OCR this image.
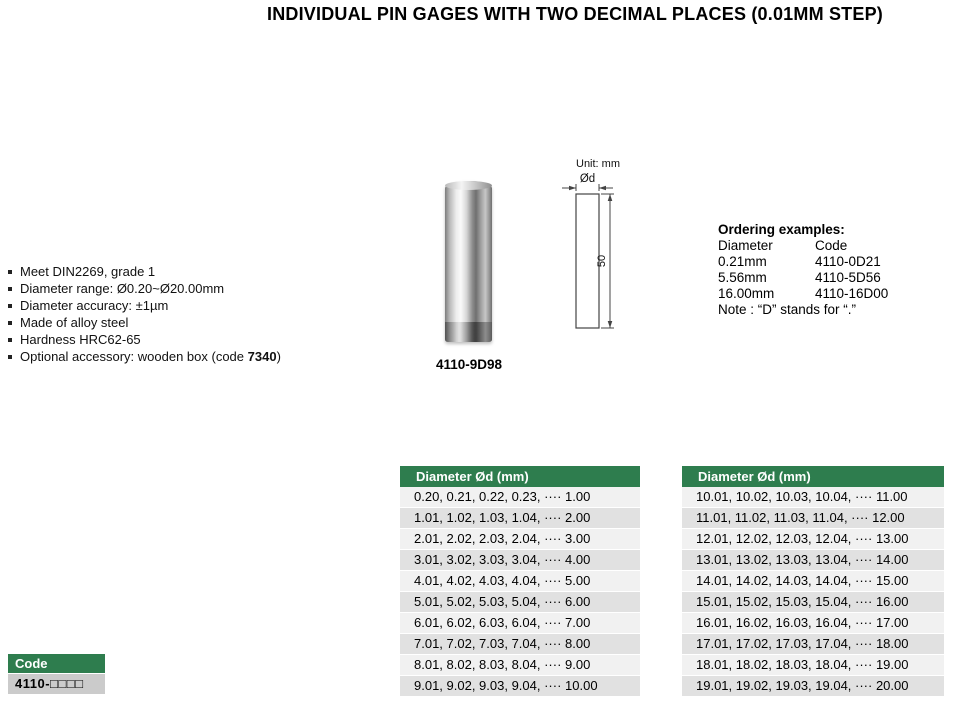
INDIVIDUAL PIN GAGES WITH TWO DECIMAL PLACES (0.01MM STEP)
Meet DIN2269, grade 1
Diameter range: Ø0.20~Ø20.00mm
Diameter accuracy: ±1µm
Made of alloy steel
Hardness HRC62-65
Optional accessory: wooden box (code 7340)
4110-9D98
Unit: mm
Ød
50
Ordering examples:
Diameter	Code
0.21mm	4110-0D21
5.56mm	4110-5D56
16.00mm	4110-16D00
Note : “D” stands for “.”
Code
4110-□□□□
Diameter Ød (mm)
0.20, 0.21, 0.22, 0.23, ···· 1.00
1.01, 1.02, 1.03, 1.04, ···· 2.00
2.01, 2.02, 2.03, 2.04, ···· 3.00
3.01, 3.02, 3.03, 3.04, ···· 4.00
4.01, 4.02, 4.03, 4.04, ···· 5.00
5.01, 5.02, 5.03, 5.04, ···· 6.00
6.01, 6.02, 6.03, 6.04, ···· 7.00
7.01, 7.02, 7.03, 7.04, ···· 8.00
8.01, 8.02, 8.03, 8.04, ···· 9.00
9.01, 9.02, 9.03, 9.04, ···· 10.00
Diameter Ød (mm)
10.01, 10.02, 10.03, 10.04, ···· 11.00
11.01, 11.02, 11.03, 11.04, ···· 12.00
12.01, 12.02, 12.03, 12.04, ···· 13.00
13.01, 13.02, 13.03, 13.04, ···· 14.00
14.01, 14.02, 14.03, 14.04, ···· 15.00
15.01, 15.02, 15.03, 15.04, ···· 16.00
16.01, 16.02, 16.03, 16.04, ···· 17.00
17.01, 17.02, 17.03, 17.04, ···· 18.00
18.01, 18.02, 18.03, 18.04, ···· 19.00
19.01, 19.02, 19.03, 19.04, ···· 20.00
